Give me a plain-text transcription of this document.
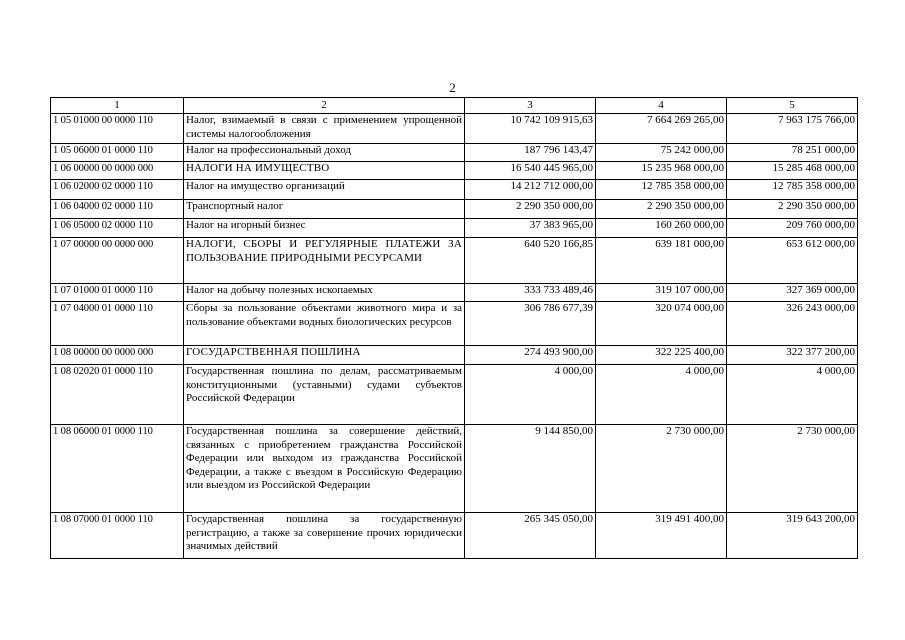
2
1	2	3	4	5
1 05 01000 00 0000 110	Налог, взимаемый в связи с применением упрощенной системы налогообложения	10 742 109 915,63	7 664 269 265,00	7 963 175 766,00
1 05 06000 01 0000 110	Налог на профессиональный доход	187 796 143,47	75 242 000,00	78 251 000,00
1 06 00000 00 0000 000	НАЛОГИ НА ИМУЩЕСТВО	16 540 445 965,00	15 235 968 000,00	15 285 468 000,00
1 06 02000 02 0000 110	Налог на имущество организаций	14 212 712 000,00	12 785 358 000,00	12 785 358 000,00
1 06 04000 02 0000 110	Транспортный налог	2 290 350 000,00	2 290 350 000,00	2 290 350 000,00
1 06 05000 02 0000 110	Налог на игорный бизнес	37 383 965,00	160 260 000,00	209 760 000,00
1 07 00000 00 0000 000	НАЛОГИ, СБОРЫ И РЕГУЛЯРНЫЕ ПЛАТЕЖИ ЗА ПОЛЬЗОВАНИЕ ПРИРОДНЫМИ РЕСУРСАМИ	640 520 166,85	639 181 000,00	653 612 000,00
1 07 01000 01 0000 110	Налог на добычу полезных ископаемых	333 733 489,46	319 107 000,00	327 369 000,00
1 07 04000 01 0000 110	Сборы за пользование объектами животного мира и за пользование объектами водных биологических ресурсов	306 786 677,39	320 074 000,00	326 243 000,00
1 08 00000 00 0000 000	ГОСУДАРСТВЕННАЯ ПОШЛИНА	274 493 900,00	322 225 400,00	322 377 200,00
1 08 02020 01 0000 110	Государственная пошлина по делам, рассматриваемым конституционными (уставными) судами субъектов Российской Федерации	4 000,00	4 000,00	4 000,00
1 08 06000 01 0000 110	Государственная пошлина за совершение действий, связанных с приобретением гражданства Российской Федерации или выходом из гражданства Российской Федерации, а также с въездом в Российскую Федерацию или выездом из Российской Федерации	9 144 850,00	2 730 000,00	2 730 000,00
1 08 07000 01 0000 110	Государственная пошлина за государственную регистрацию, а также за совершение прочих юридически значимых действий	265 345 050,00	319 491 400,00	319 643 200,00
